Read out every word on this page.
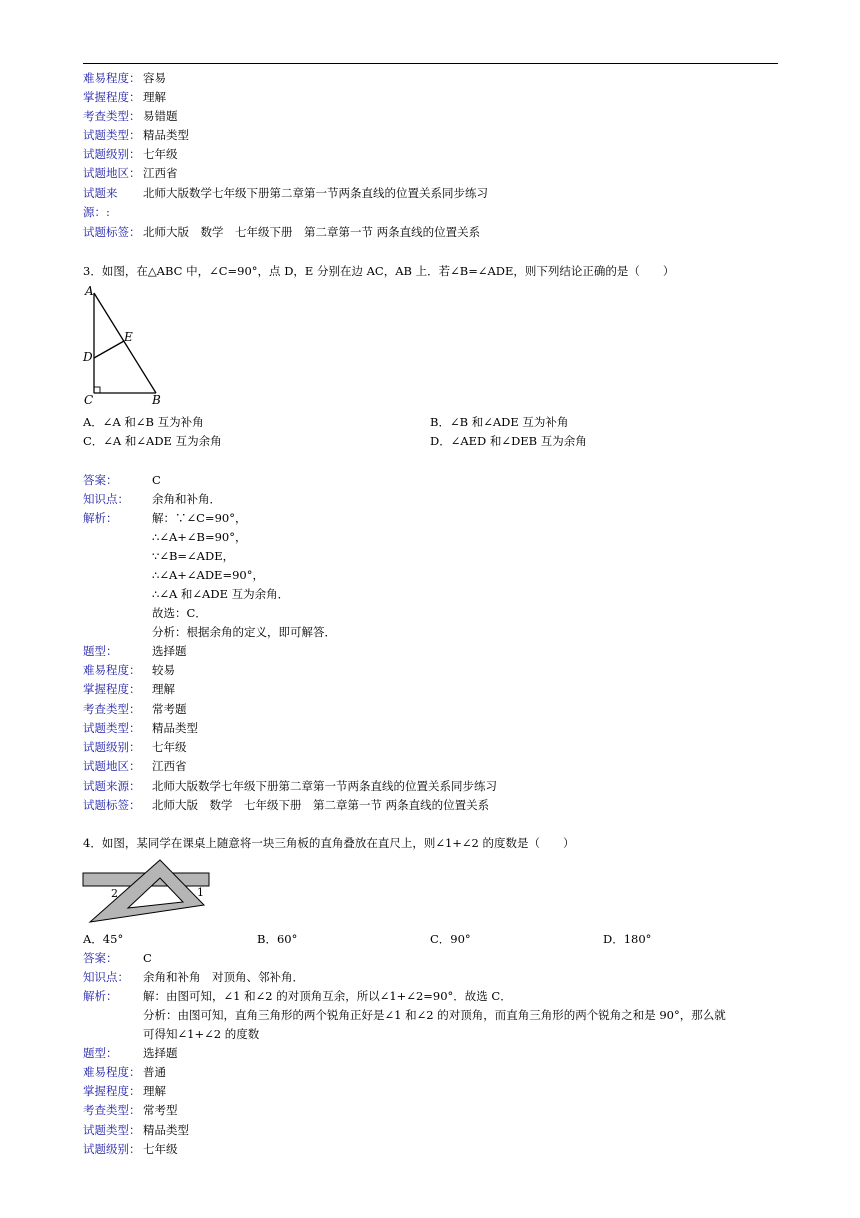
难易程度： 容易
掌握程度： 理解
考查类型： 易错题
试题类型： 精品类型
试题级别： 七年级
试题地区： 江西省
试题来 北师大版数学七年级下册第二章第一节两条直线的位置关系同步练习
源：:
试题标签： 北师大版　数学　七年级下册　第二章第一节 两条直线的位置关系
3．如图，在△ABC 中，∠C=90°，点 D，E 分别在边 AC，AB 上．若∠B=∠ADE，则下列结论正确的是（　　）
A
D
E
C	B
A．∠A 和∠B 互为补角	B．∠B 和∠ADE 互为补角
C．∠A 和∠ADE 互为余角	D．∠AED 和∠DEB 互为余角
答案：	C
知识点： 余角和补角．
解析：	解：∵∠C=90°，
∴∠A+∠B=90°，
∵∠B=∠ADE，
∴∠A+∠ADE=90°，
∴∠A 和∠ADE 互为余角．
故选：C．
分析：根据余角的定义，即可解答．
题型：	选择题
难易程度： 较易
掌握程度： 理解
考查类型： 常考题
试题类型： 精品类型
试题级别： 七年级
试题地区： 江西省
试题来源： 北师大版数学七年级下册第二章第一节两条直线的位置关系同步练习
试题标签： 北师大版　数学　七年级下册　第二章第一节 两条直线的位置关系
4．如图，某同学在课桌上随意将一块三角板的直角叠放在直尺上，则∠1+∠2 的度数是（　　）
2	1
A．45°	B．60°	C．90°	D．180°
答案： C
知识点： 余角和补角　对顶角、邻补角．
解析： 解：由图可知，∠1 和∠2 的对顶角互余，所以∠1+∠2=90°．故选 C．
分析：由图可知，直角三角形的两个锐角正好是∠1 和∠2 的对顶角，而直角三角形的两个锐角之和是 90°，那么就
可得知∠1+∠2 的度数
题型： 选择题
难易程度： 普通
掌握程度： 理解
考查类型： 常考型
试题类型： 精品类型
试题级别： 七年级
